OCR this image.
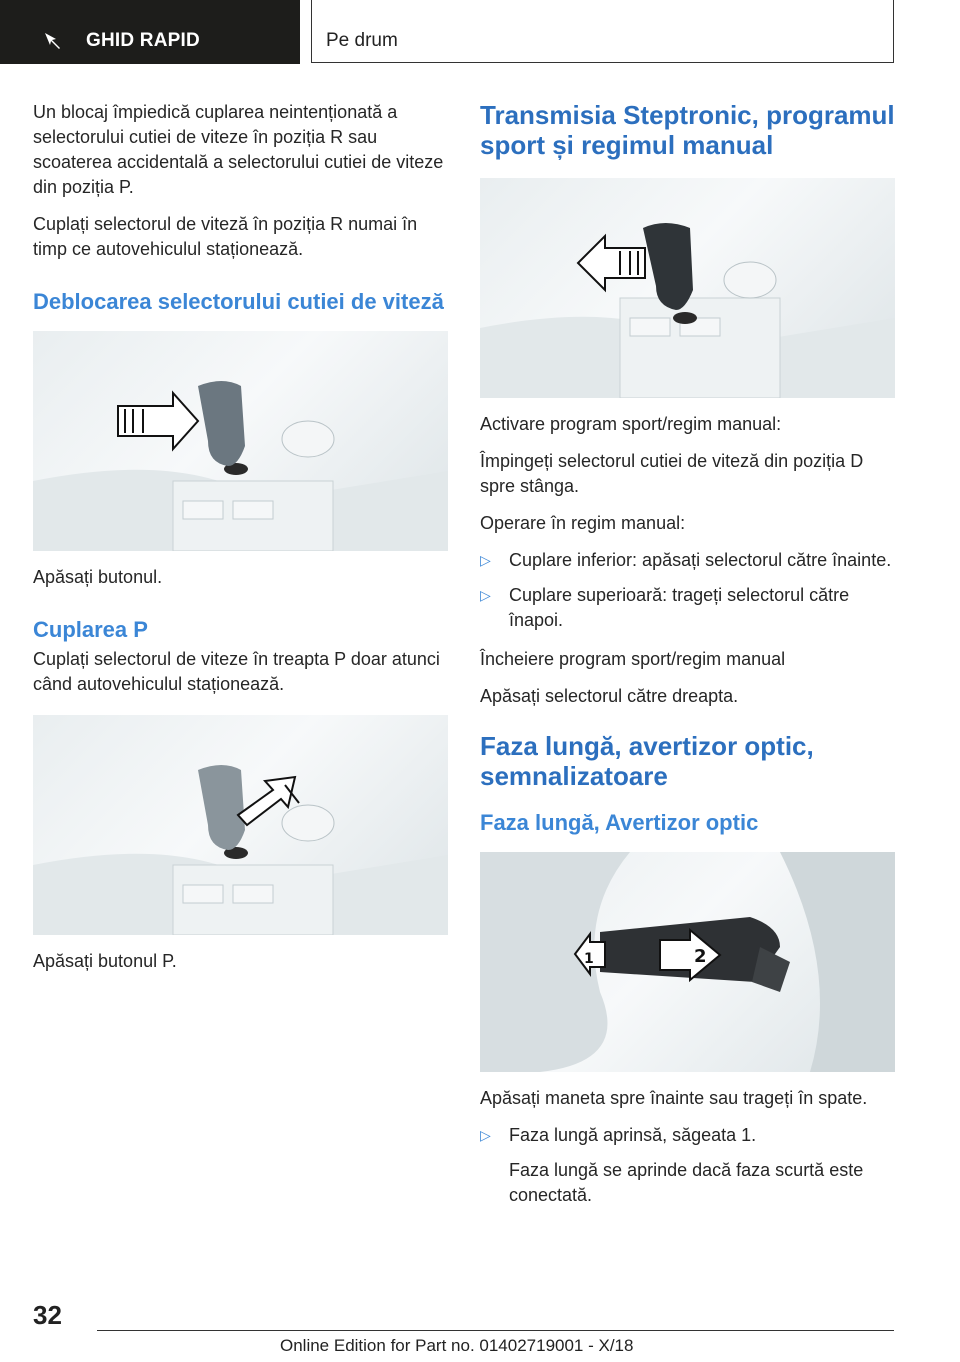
GHID RAPID	Pe drum

Un blocaj împiedică cuplarea neintenționată a selectorului cutiei de viteze în poziția R sau scoaterea accidentală a selectorului cutiei de viteze din poziția P.

Cuplați selectorul de viteză în poziția R numai în timp ce autovehiculul staționează.

Deblocarea selectorului cutiei de viteză

Apăsați butonul.

Cuplarea P

Cuplați selectorul de viteze în treapta P doar atunci când autovehiculul staționează.

Apăsați butonul P.

Transmisia Steptronic, programul sport și regimul manual

Activare program sport/regim manual:

Împingeți selectorul cutiei de viteză din poziția D spre stânga.

Operare în regim manual:

▷ Cuplare inferior: apăsați selectorul către înainte.
▷ Cuplare superioară: trageți selectorul către înapoi.

Încheiere program sport/regim manual

Apăsați selectorul către dreapta.

Faza lungă, avertizor optic, semnalizatoare
Faza lungă, Avertizor optic
1	2

Apăsați maneta spre înainte sau trageți în spate.

▷ Faza lungă aprinsă, săgeata 1.

Faza lungă se aprinde dacă faza scurtă este conectată.

32
Online Edition for Part no. 01402719001 - X/18
